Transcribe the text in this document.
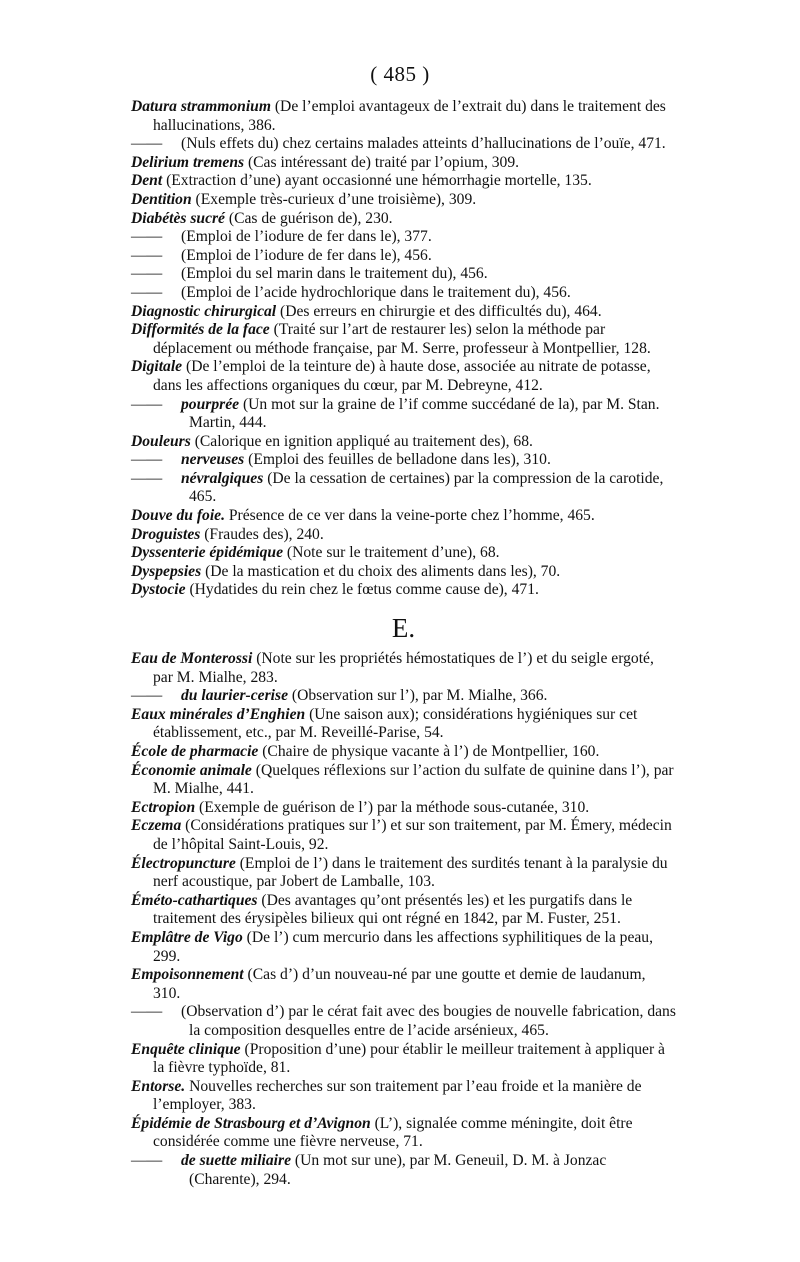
( 485 )

Datura strammonium (De l’emploi avantageux de l’extrait du) dans le traitement des hallucinations, 386.

—— (Nuls effets du) chez certains malades atteints d’hallucinations de l’ouïe, 471.

Delirium tremens (Cas intéressant de) traité par l’opium, 309.

Dent (Extraction d’une) ayant occasionné une hémorrhagie mortelle, 135.

Dentition (Exemple très-curieux d’une troisième), 309.

Diabétès sucré (Cas de guérison de), 230.

—— (Emploi de l’iodure de fer dans le), 377.

—— (Emploi de l’iodure de fer dans le), 456.

—— (Emploi du sel marin dans le traitement du), 456.

—— (Emploi de l’acide hydrochlorique dans le traitement du), 456.

Diagnostic chirurgical (Des erreurs en chirurgie et des difficultés du), 464.

Difformités de la face (Traité sur l’art de restaurer les) selon la méthode par déplacement ou méthode française, par M. Serre, professeur à Montpellier, 128.

Digitale (De l’emploi de la teinture de) à haute dose, associée au nitrate de potasse, dans les affections organiques du cœur, par M. Debreyne, 412.

—— pourprée (Un mot sur la graine de l’if comme succédané de la), par M. Stan. Martin, 444.

Douleurs (Calorique en ignition appliqué au traitement des), 68.

—— nerveuses (Emploi des feuilles de belladone dans les), 310.

—— névralgiques (De la cessation de certaines) par la compression de la carotide, 465.

Douve du foie. Présence de ce ver dans la veine-porte chez l’homme, 465.

Droguistes (Fraudes des), 240.

Dyssenterie épidémique (Note sur le traitement d’une), 68.

Dyspepsies (De la mastication et du choix des aliments dans les), 70.

Dystocie (Hydatides du rein chez le fœtus comme cause de), 471.

E.

Eau de Monterossi (Note sur les propriétés hémostatiques de l’) et du seigle ergoté, par M. Mialhe, 283.

—— du laurier-cerise (Observation sur l’), par M. Mialhe, 366.

Eaux minérales d’Enghien (Une saison aux); considérations hygiéniques sur cet établissement, etc., par M. Reveillé-Parise, 54.

École de pharmacie (Chaire de physique vacante à l’) de Montpellier, 160.

Économie animale (Quelques réflexions sur l’action du sulfate de quinine dans l’), par M. Mialhe, 441.

Ectropion (Exemple de guérison de l’) par la méthode sous-cutanée, 310.

Eczema (Considérations pratiques sur l’) et sur son traitement, par M. Émery, médecin de l’hôpital Saint-Louis, 92.

Électropuncture (Emploi de l’) dans le traitement des surdités tenant à la paralysie du nerf acoustique, par Jobert de Lamballe, 103.

Éméto-cathartiques (Des avantages qu’ont présentés les) et les purgatifs dans le traitement des érysipèles bilieux qui ont régné en 1842, par M. Fuster, 251.

Emplâtre de Vigo (De l’) cum mercurio dans les affections syphilitiques de la peau, 299.

Empoisonnement (Cas d’) d’un nouveau-né par une goutte et demie de laudanum, 310.

—— (Observation d’) par le cérat fait avec des bougies de nouvelle fabrication, dans la composition desquelles entre de l’acide arsénieux, 465.

Enquête clinique (Proposition d’une) pour établir le meilleur traitement à appliquer à la fièvre typhoïde, 81.

Entorse. Nouvelles recherches sur son traitement par l’eau froide et la manière de l’employer, 383.

Épidémie de Strasbourg et d’Avignon (L’), signalée comme méningite, doit être considérée comme une fièvre nerveuse, 71.

—— de suette miliaire (Un mot sur une), par M. Geneuil, D. M. à Jonzac (Charente), 294.
